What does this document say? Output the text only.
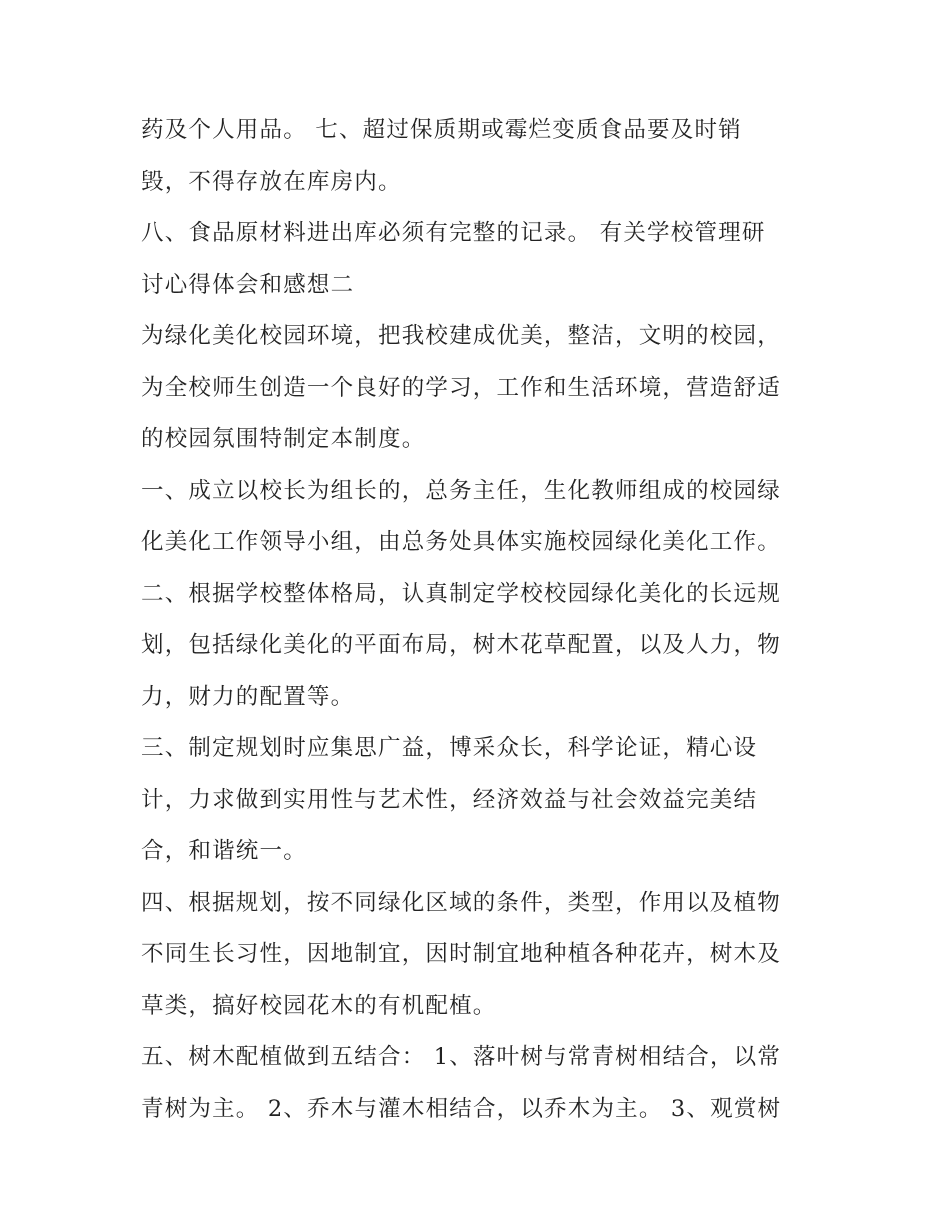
药及个人用品。 七、超过保质期或霉烂变质食品要及时销
毁，不得存放在库房内。
八、食品原材料进出库必须有完整的记录。 有关学校管理研
讨心得体会和感想二
为绿化美化校园环境，把我校建成优美，整洁，文明的校园，
为全校师生创造一个良好的学习，工作和生活环境，营造舒适
的校园氛围特制定本制度。
一、成立以校长为组长的，总务主任，生化教师组成的校园绿
化美化工作领导小组，由总务处具体实施校园绿化美化工作。
二、根据学校整体格局，认真制定学校校园绿化美化的长远规
划，包括绿化美化的平面布局，树木花草配置，以及人力，物
力，财力的配置等。
三、制定规划时应集思广益，博采众长，科学论证，精心设
计，力求做到实用性与艺术性，经济效益与社会效益完美结
合，和谐统一。
四、根据规划，按不同绿化区域的条件，类型，作用以及植物
不同生长习性，因地制宜，因时制宜地种植各种花卉，树木及
草类，搞好校园花木的有机配植。
五、树木配植做到五结合： 1、落叶树与常青树相结合，以常
青树为主。 2、乔木与灌木相结合，以乔木为主。 3、观赏树
